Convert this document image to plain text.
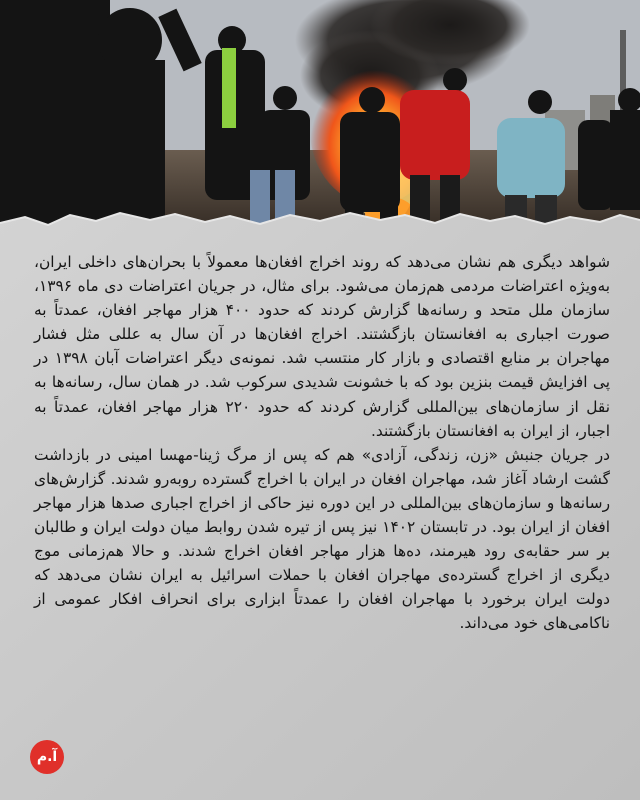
شواهد دیگری هم نشان می‌دهد که روند اخراج افغان‌ها معمولاً با بحران‌های داخلی ایران، به‌ویژه اعتراضات مردمی هم‌زمان می‌شود. برای مثال، در جریان اعتراضات دی ماه ۱۳۹۶، سازمان ملل متحد و رسانه‌ها گزارش کردند که حدود ۴۰۰ هزار مهاجر افغان، عمدتاً به صورت اجباری به افغانستان بازگشتند. اخراج افغان‌ها در آن سال به عللی مثل فشار مهاجران بر منابع اقتصادی و بازار کار منتسب شد. نمونه‌ی دیگر اعتراضات آبان ۱۳۹۸ در پی افزایش قیمت بنزین بود که با خشونت شدیدی سرکوب شد. در همان سال، رسانه‌ها به نقل از سازمان‌های بین‌المللی گزارش کردند که حدود ۲۲۰ هزار مهاجر افغان، عمدتاً به اجبار، از ایران به افغانستان بازگشتند.

در جریان جنبش «زن، زندگی، آزادی» هم که پس از مرگ ژینا-مهسا امینی در بازداشت گشت ارشاد آغاز شد، مهاجران افغان در ایران با اخراج گسترده روبه‌رو شدند. گزارش‌های رسانه‌ها و سازمان‌های بین‌المللی در این دوره نیز حاکی از اخراج اجباری صدها هزار مهاجر افغان از ایران بود. در تابستان ۱۴۰۲ نیز پس از تیره شدن روابط میان دولت ایران و طالبان بر سر حقابه‌ی رود هیرمند، ده‌ها هزار مهاجر افغان اخراج شدند. و حالا هم‌زمانی موج دیگری از اخراج گسترده‌ی مهاجران افغان با حملات اسرائیل به ایران نشان می‌دهد که دولت ایران برخورد با مهاجران افغان را عمدتاً ابزاری برای انحراف افکار عمومی از ناکامی‌های خود می‌داند.

آ.م
